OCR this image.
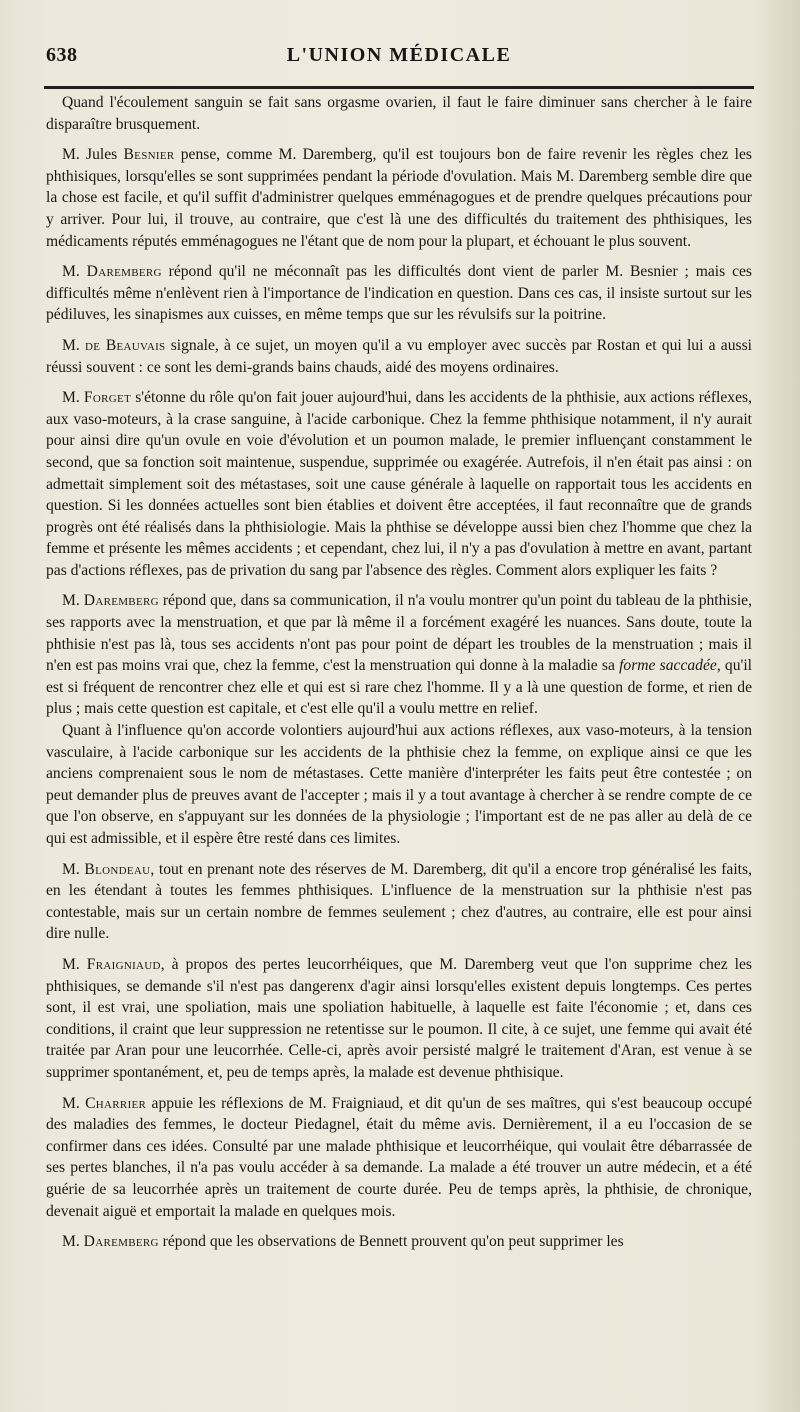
638	L'UNION MÉDICALE

Quand l'écoulement sanguin se fait sans orgasme ovarien, il faut le faire diminuer sans chercher à le faire disparaître brusquement.

M. Jules Besnier pense, comme M. Daremberg, qu'il est toujours bon de faire revenir les règles chez les phthisiques, lorsqu'elles se sont supprimées pendant la période d'ovulation. Mais M. Daremberg semble dire que la chose est facile, et qu'il suffit d'administrer quelques emménagogues et de prendre quelques précautions pour y arriver. Pour lui, il trouve, au contraire, que c'est là une des difficultés du traitement des phthisiques, les médicaments réputés emménagogues ne l'étant que de nom pour la plupart, et échouant le plus souvent.

M. Daremberg répond qu'il ne méconnaît pas les difficultés dont vient de parler M. Besnier ; mais ces difficultés même n'enlèvent rien à l'importance de l'indication en question. Dans ces cas, il insiste surtout sur les pédiluves, les sinapismes aux cuisses, en même temps que sur les révulsifs sur la poitrine.

M. de Beauvais signale, à ce sujet, un moyen qu'il a vu employer avec succès par Rostan et qui lui a aussi réussi souvent : ce sont les demi-grands bains chauds, aidé des moyens ordinaires.

M. Forget s'étonne du rôle qu'on fait jouer aujourd'hui, dans les accidents de la phthisie, aux actions réflexes, aux vaso-moteurs, à la crase sanguine, à l'acide carbonique. Chez la femme phthisique notamment, il n'y aurait pour ainsi dire qu'un ovule en voie d'évolution et un poumon malade, le premier influençant constamment le second, que sa fonction soit maintenue, suspendue, supprimée ou exagérée. Autrefois, il n'en était pas ainsi : on admettait simplement soit des métastases, soit une cause générale à laquelle on rapportait tous les accidents en question. Si les données actuelles sont bien établies et doivent être acceptées, il faut reconnaître que de grands progrès ont été réalisés dans la phthisiologie. Mais la phthise se développe aussi bien chez l'homme que chez la femme et présente les mêmes accidents ; et cependant, chez lui, il n'y a pas d'ovulation à mettre en avant, partant pas d'actions réflexes, pas de privation du sang par l'absence des règles. Comment alors expliquer les faits ?

M. Daremberg répond que, dans sa communication, il n'a voulu montrer qu'un point du tableau de la phthisie, ses rapports avec la menstruation, et que par là même il a forcément exagéré les nuances. Sans doute, toute la phthisie n'est pas là, tous ses accidents n'ont pas pour point de départ les troubles de la menstruation ; mais il n'en est pas moins vrai que, chez la femme, c'est la menstruation qui donne à la maladie sa forme saccadée, qu'il est si fréquent de rencontrer chez elle et qui est si rare chez l'homme. Il y a là une question de forme, et rien de plus ; mais cette question est capitale, et c'est elle qu'il a voulu mettre en relief.

Quant à l'influence qu'on accorde volontiers aujourd'hui aux actions réflexes, aux vaso-moteurs, à la tension vasculaire, à l'acide carbonique sur les accidents de la phthisie chez la femme, on explique ainsi ce que les anciens comprenaient sous le nom de métastases. Cette manière d'interpréter les faits peut être contestée ; on peut demander plus de preuves avant de l'accepter ; mais il y a tout avantage à chercher à se rendre compte de ce que l'on observe, en s'appuyant sur les données de la physiologie ; l'important est de ne pas aller au delà de ce qui est admissible, et il espère être resté dans ces limites.

M. Blondeau, tout en prenant note des réserves de M. Daremberg, dit qu'il a encore trop généralisé les faits, en les étendant à toutes les femmes phthisiques. L'influence de la menstruation sur la phthisie n'est pas contestable, mais sur un certain nombre de femmes seulement ; chez d'autres, au contraire, elle est pour ainsi dire nulle.

M. Fraigniaud, à propos des pertes leucorrhéiques, que M. Daremberg veut que l'on supprime chez les phthisiques, se demande s'il n'est pas dangerenx d'agir ainsi lorsqu'elles existent depuis longtemps. Ces pertes sont, il est vrai, une spoliation, mais une spoliation habituelle, à laquelle est faite l'économie ; et, dans ces conditions, il craint que leur suppression ne retentisse sur le poumon. Il cite, à ce sujet, une femme qui avait été traitée par Aran pour une leucorrhée. Celle-ci, après avoir persisté malgré le traitement d'Aran, est venue à se supprimer spontanément, et, peu de temps après, la malade est devenue phthisique.

M. Charrier appuie les réflexions de M. Fraigniaud, et dit qu'un de ses maîtres, qui s'est beaucoup occupé des maladies des femmes, le docteur Piedagnel, était du même avis. Dernièrement, il a eu l'occasion de se confirmer dans ces idées. Consulté par une malade phthisique et leucorrhéique, qui voulait être débarrassée de ses pertes blanches, il n'a pas voulu accéder à sa demande. La malade a été trouver un autre médecin, et a été guérie de sa leucorrhée après un traitement de courte durée. Peu de temps après, la phthisie, de chronique, devenait aiguë et emportait la malade en quelques mois.

M. Daremberg répond que les observations de Bennett prouvent qu'on peut supprimer les
